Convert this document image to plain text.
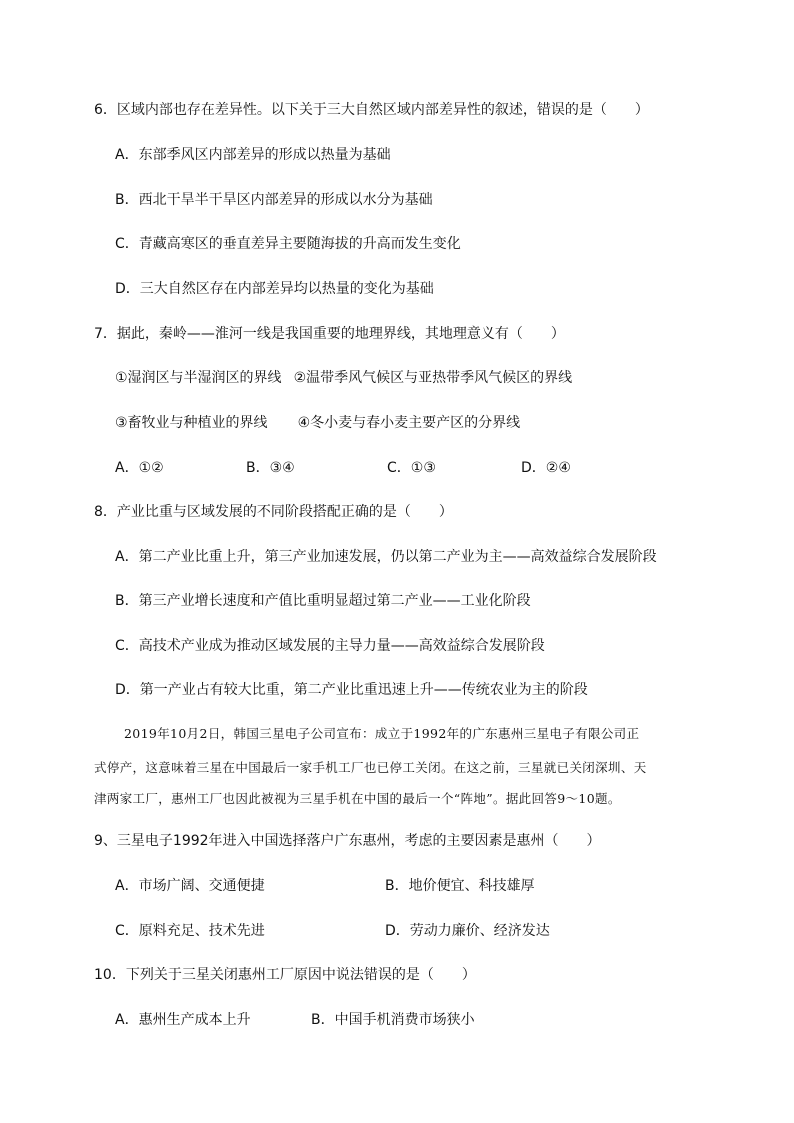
6．区域内部也存在差异性。以下关于三大自然区域内部差异性的叙述，错误的是（　　）
A．东部季风区内部差异的形成以热量为基础
B．西北干旱半干旱区内部差异的形成以水分为基础
C．青藏高寒区的垂直差异主要随海拔的升高而发生变化
D．三大自然区存在内部差异均以热量的变化为基础
7．据此，秦岭——淮河一线是我国重要的地理界线，其地理意义有（　　）
①湿润区与半湿润区的界线 ②温带季风气候区与亚热带季风气候区的界线
③畜牧业与种植业的界线 ④冬小麦与春小麦主要产区的分界线
A．①②	B．③④	C．①③	D．②④
8．产业比重与区域发展的不同阶段搭配正确的是（　　）
A．第二产业比重上升，第三产业加速发展，仍以第二产业为主——高效益综合发展阶段
B．第三产业增长速度和产值比重明显超过第二产业——工业化阶段
C．高技术产业成为推动区域发展的主导力量——高效益综合发展阶段
D．第一产业占有较大比重，第二产业比重迅速上升——传统农业为主的阶段
2019年10月2日，韩国三星电子公司宣布：成立于1992年的广东惠州三星电子有限公司正
式停产，这意味着三星在中国最后一家手机工厂也已停工关闭。在这之前，三星就已关闭深圳、天
津两家工厂，惠州工厂也因此被视为三星手机在中国的最后一个“阵地”。据此回答9～10题。
9、三星电子1992年进入中国选择落户广东惠州，考虑的主要因素是惠州（　　）
A．市场广阔、交通便捷	B．地价便宜、科技雄厚
C．原料充足、技术先进	D．劳动力廉价、经济发达
10．下列关于三星关闭惠州工厂原因中说法错误的是（　　）
A．惠州生产成本上升	B．中国手机消费市场狭小
